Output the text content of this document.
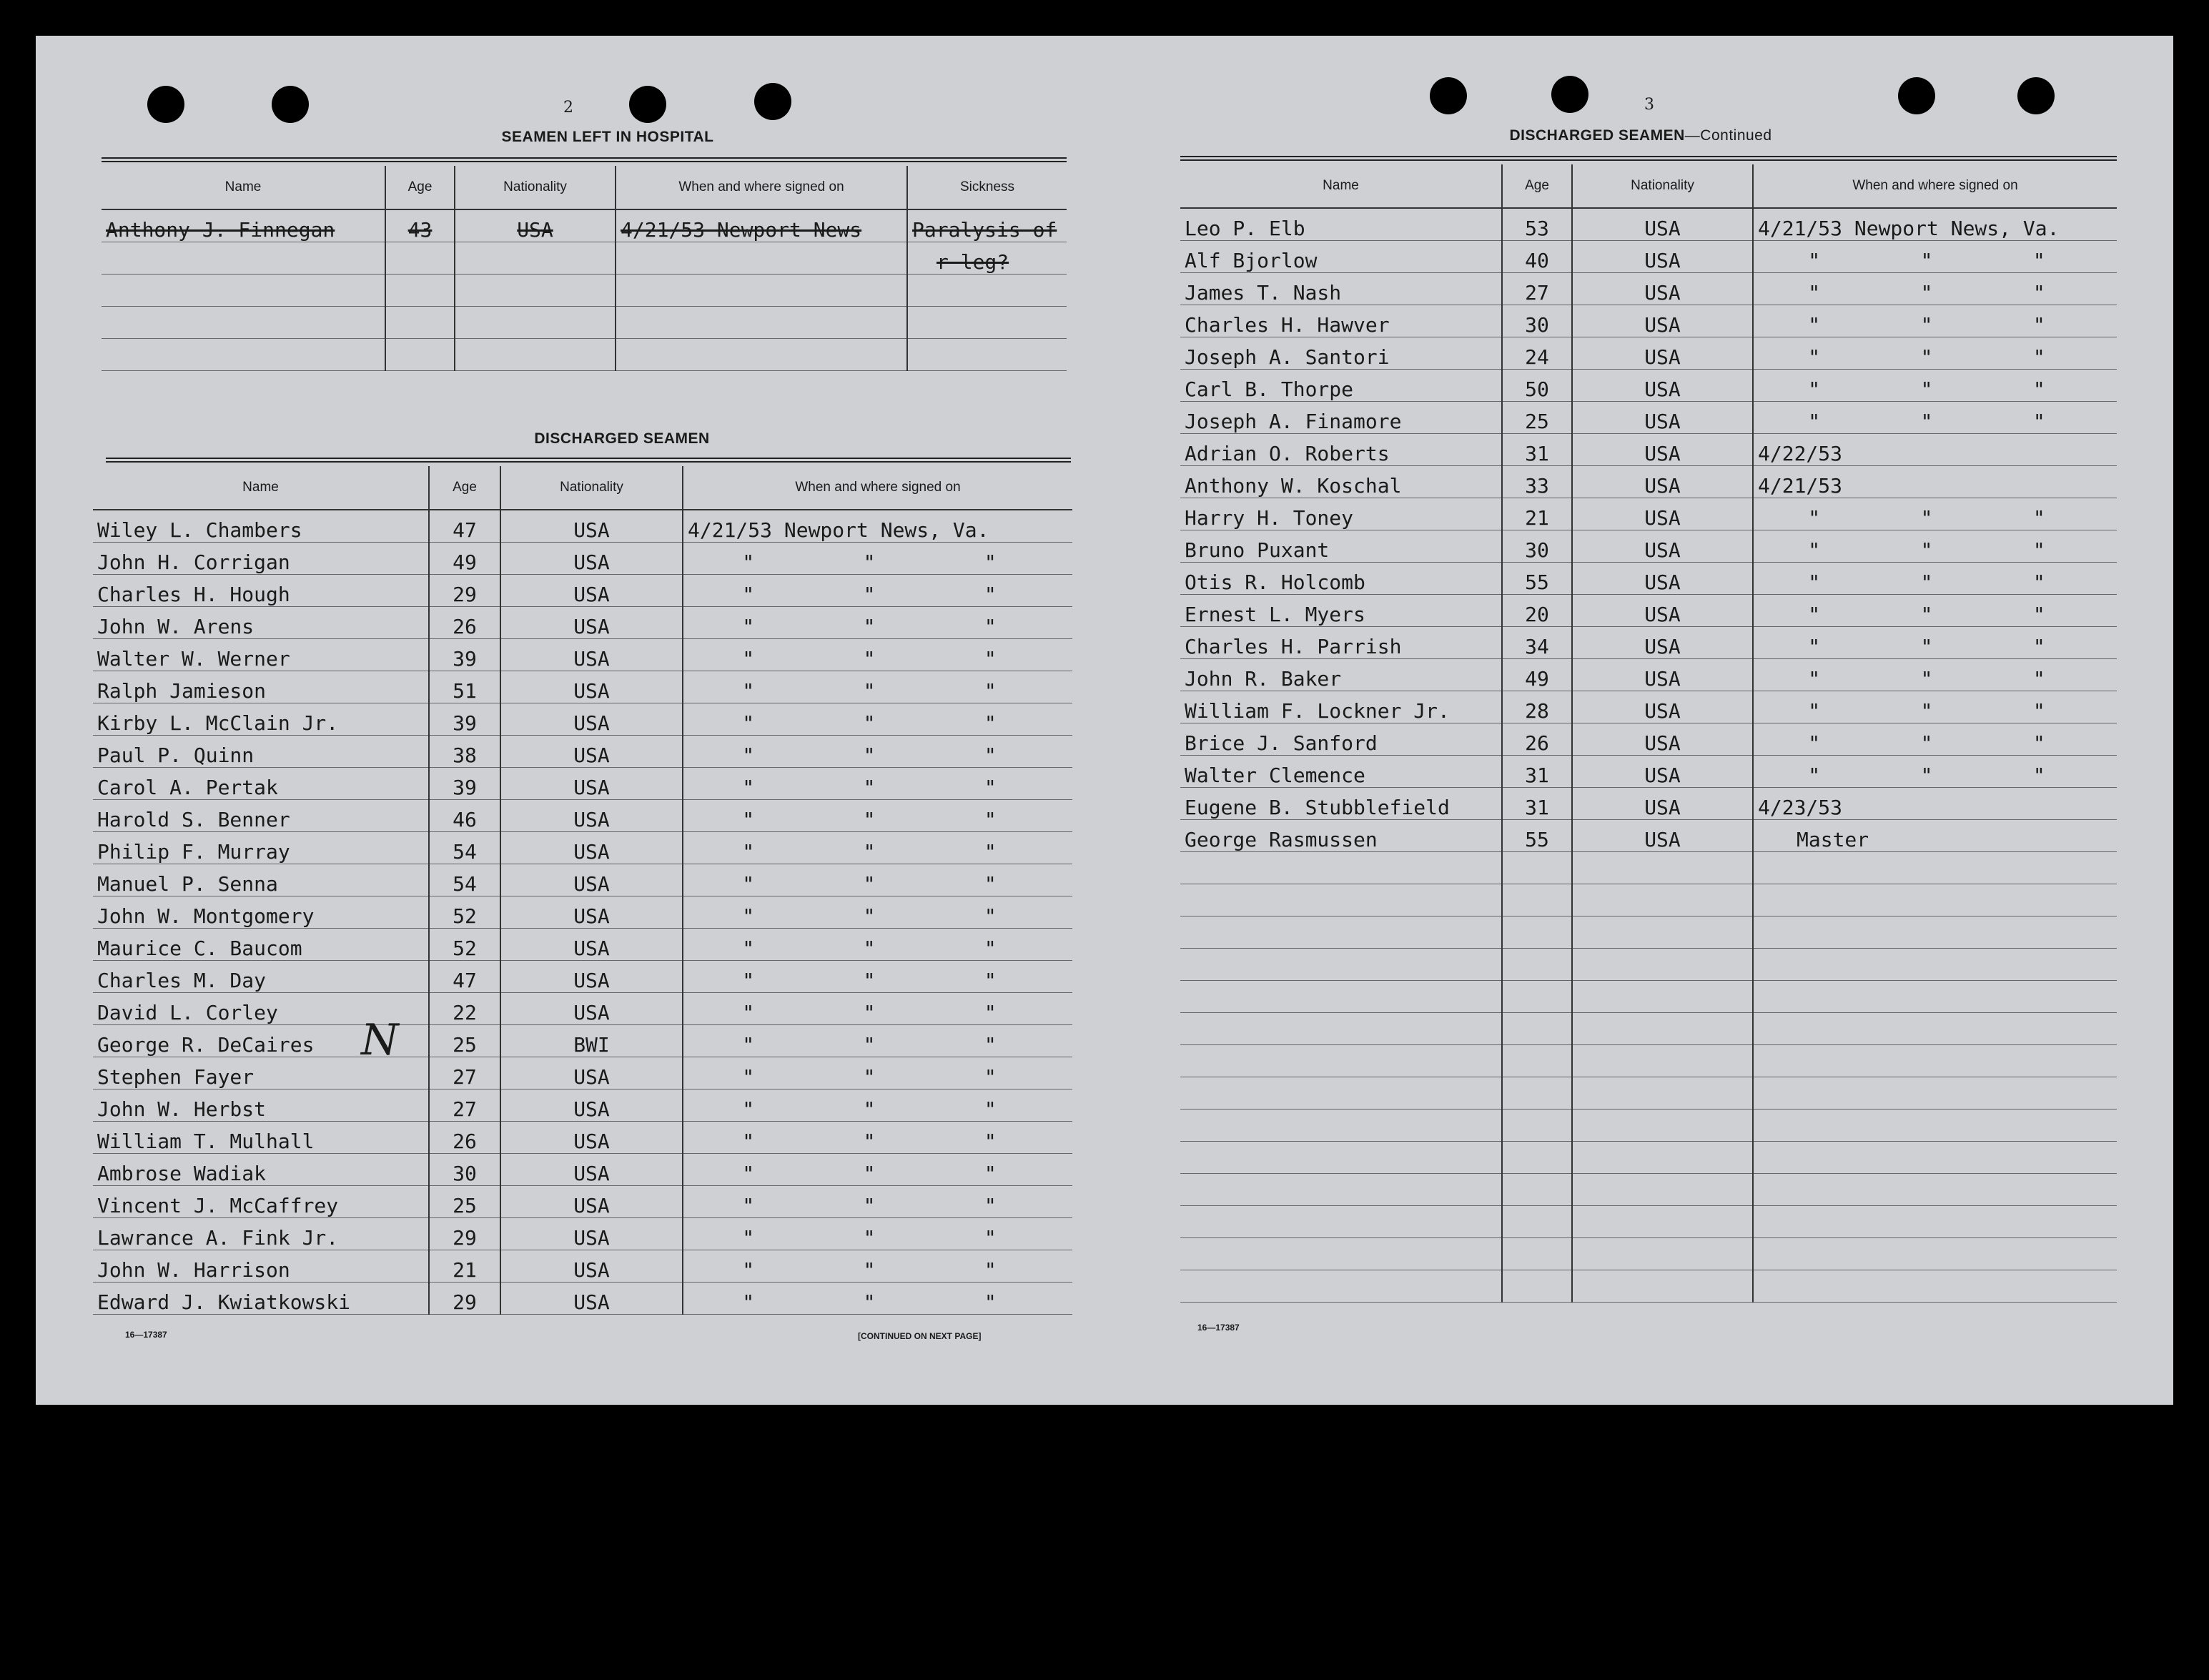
2
SEAMEN LEFT IN HOSPITAL
Name	Age	Nationality	When and where signed on	Sickness
Anthony J. Finnegan	43	USA	4/21/53 Newport News	Paralysis of
				r leg?

DISCHARGED SEAMEN
Name	Age	Nationality	When and where signed on
Wiley L. Chambers	47	USA	4/21/53 Newport News, Va.
John H. Corrigan	49	USA	" " "

Charles H. Hough	29	USA	" " "

John W. Arens	26	USA	" " "

Walter W. Werner	39	USA	" " "

Ralph Jamieson	51	USA	" " "

Kirby L. McClain Jr.	39	USA	" " "

Paul P. Quinn	38	USA	" " "

Carol A. Pertak	39	USA	" " "

Harold S. Benner	46	USA	" " "

Philip F. Murray	54	USA	" " "

Manuel P. Senna	54	USA	" " "

John W. Montgomery	52	USA	" " "

Maurice C. Baucom	52	USA	" " "

Charles M. Day	47	USA	" " "

David L. Corley	22	USA	" " "

George R. DeCaires	25	BWI	" " "

Stephen Fayer	27	USA	" " "

John W. Herbst	27	USA	" " "

William T. Mulhall	26	USA	" " "

Ambrose Wadiak	30	USA	" " "

Vincent J. McCaffrey	25	USA	" " "

Lawrance A. Fink Jr.	29	USA	" " "

John W. Harrison	21	USA	" " "

Edward J. Kwiatkowski	29	USA	" " "
N
16—17387	[CONTINUED ON NEXT PAGE]
3
DISCHARGED SEAMEN—Continued
Name	Age	Nationality	When and where signed on
Leo P. Elb	53	USA	4/21/53 Newport News, Va.
Alf Bjorlow	40	USA	" " "

James T. Nash	27	USA	" " "

Charles H. Hawver	30	USA	" " "

Joseph A. Santori	24	USA	" " "

Carl B. Thorpe	50	USA	" " "

Joseph A. Finamore	25	USA	" " "

Adrian O. Roberts	31	USA	4/22/53
Anthony W. Koschal	33	USA	4/21/53
Harry H. Toney	21	USA	" " "

Bruno Puxant	30	USA	" " "

Otis R. Holcomb	55	USA	" " "

Ernest L. Myers	20	USA	" " "

Charles H. Parrish	34	USA	" " "

John R. Baker	49	USA	" " "

William F. Lockner Jr.	28	USA	" " "

Brice J. Sanford	26	USA	" " "

Walter Clemence	31	USA	" " "

Eugene B. Stubblefield	31	USA	4/23/53
George Rasmussen	55	USA	Master

16—17387
